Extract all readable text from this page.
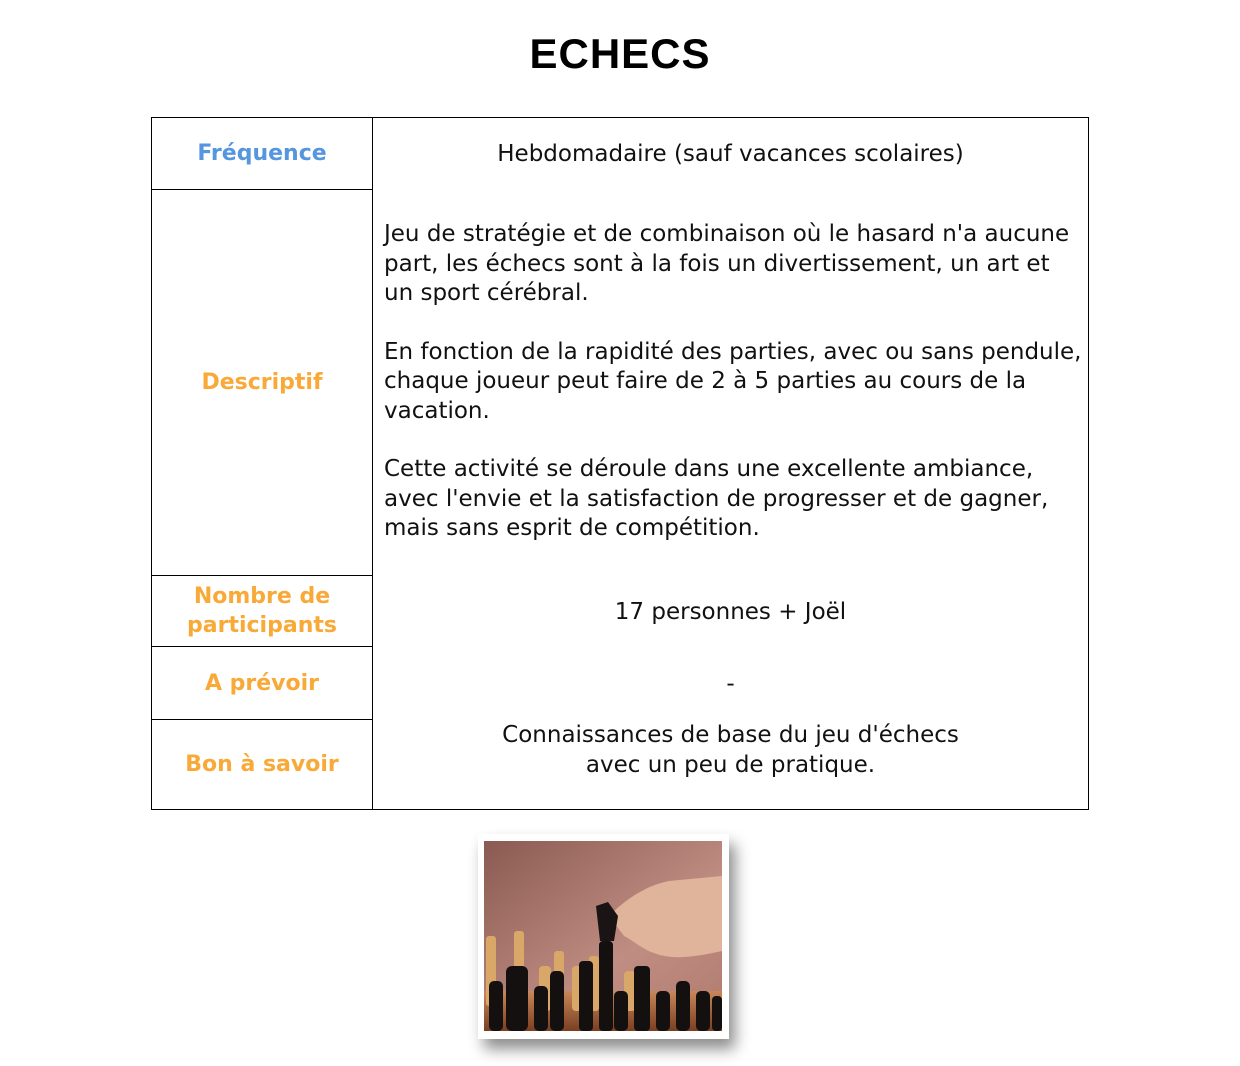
ECHECS
Fréquence
Descriptif
Nombre de participants
A prévoir
Bon à savoir
Hebdomadaire (sauf vacances scolaires)

Jeu de stratégie et de combinaison où le hasard n'a aucune part, les échecs sont à la fois un divertissement, un art et un sport cérébral.

En fonction de la rapidité des parties, avec ou sans pendule, chaque joueur peut faire de 2 à 5 parties au cours de la vacation.

Cette activité se déroule dans une excellente ambiance, avec l'envie et la satisfaction de progresser et de gagner, mais sans esprit de compétition.

17 personnes + Joël
-
Connaissances de base du jeu d'échecs
avec un peu de pratique.
